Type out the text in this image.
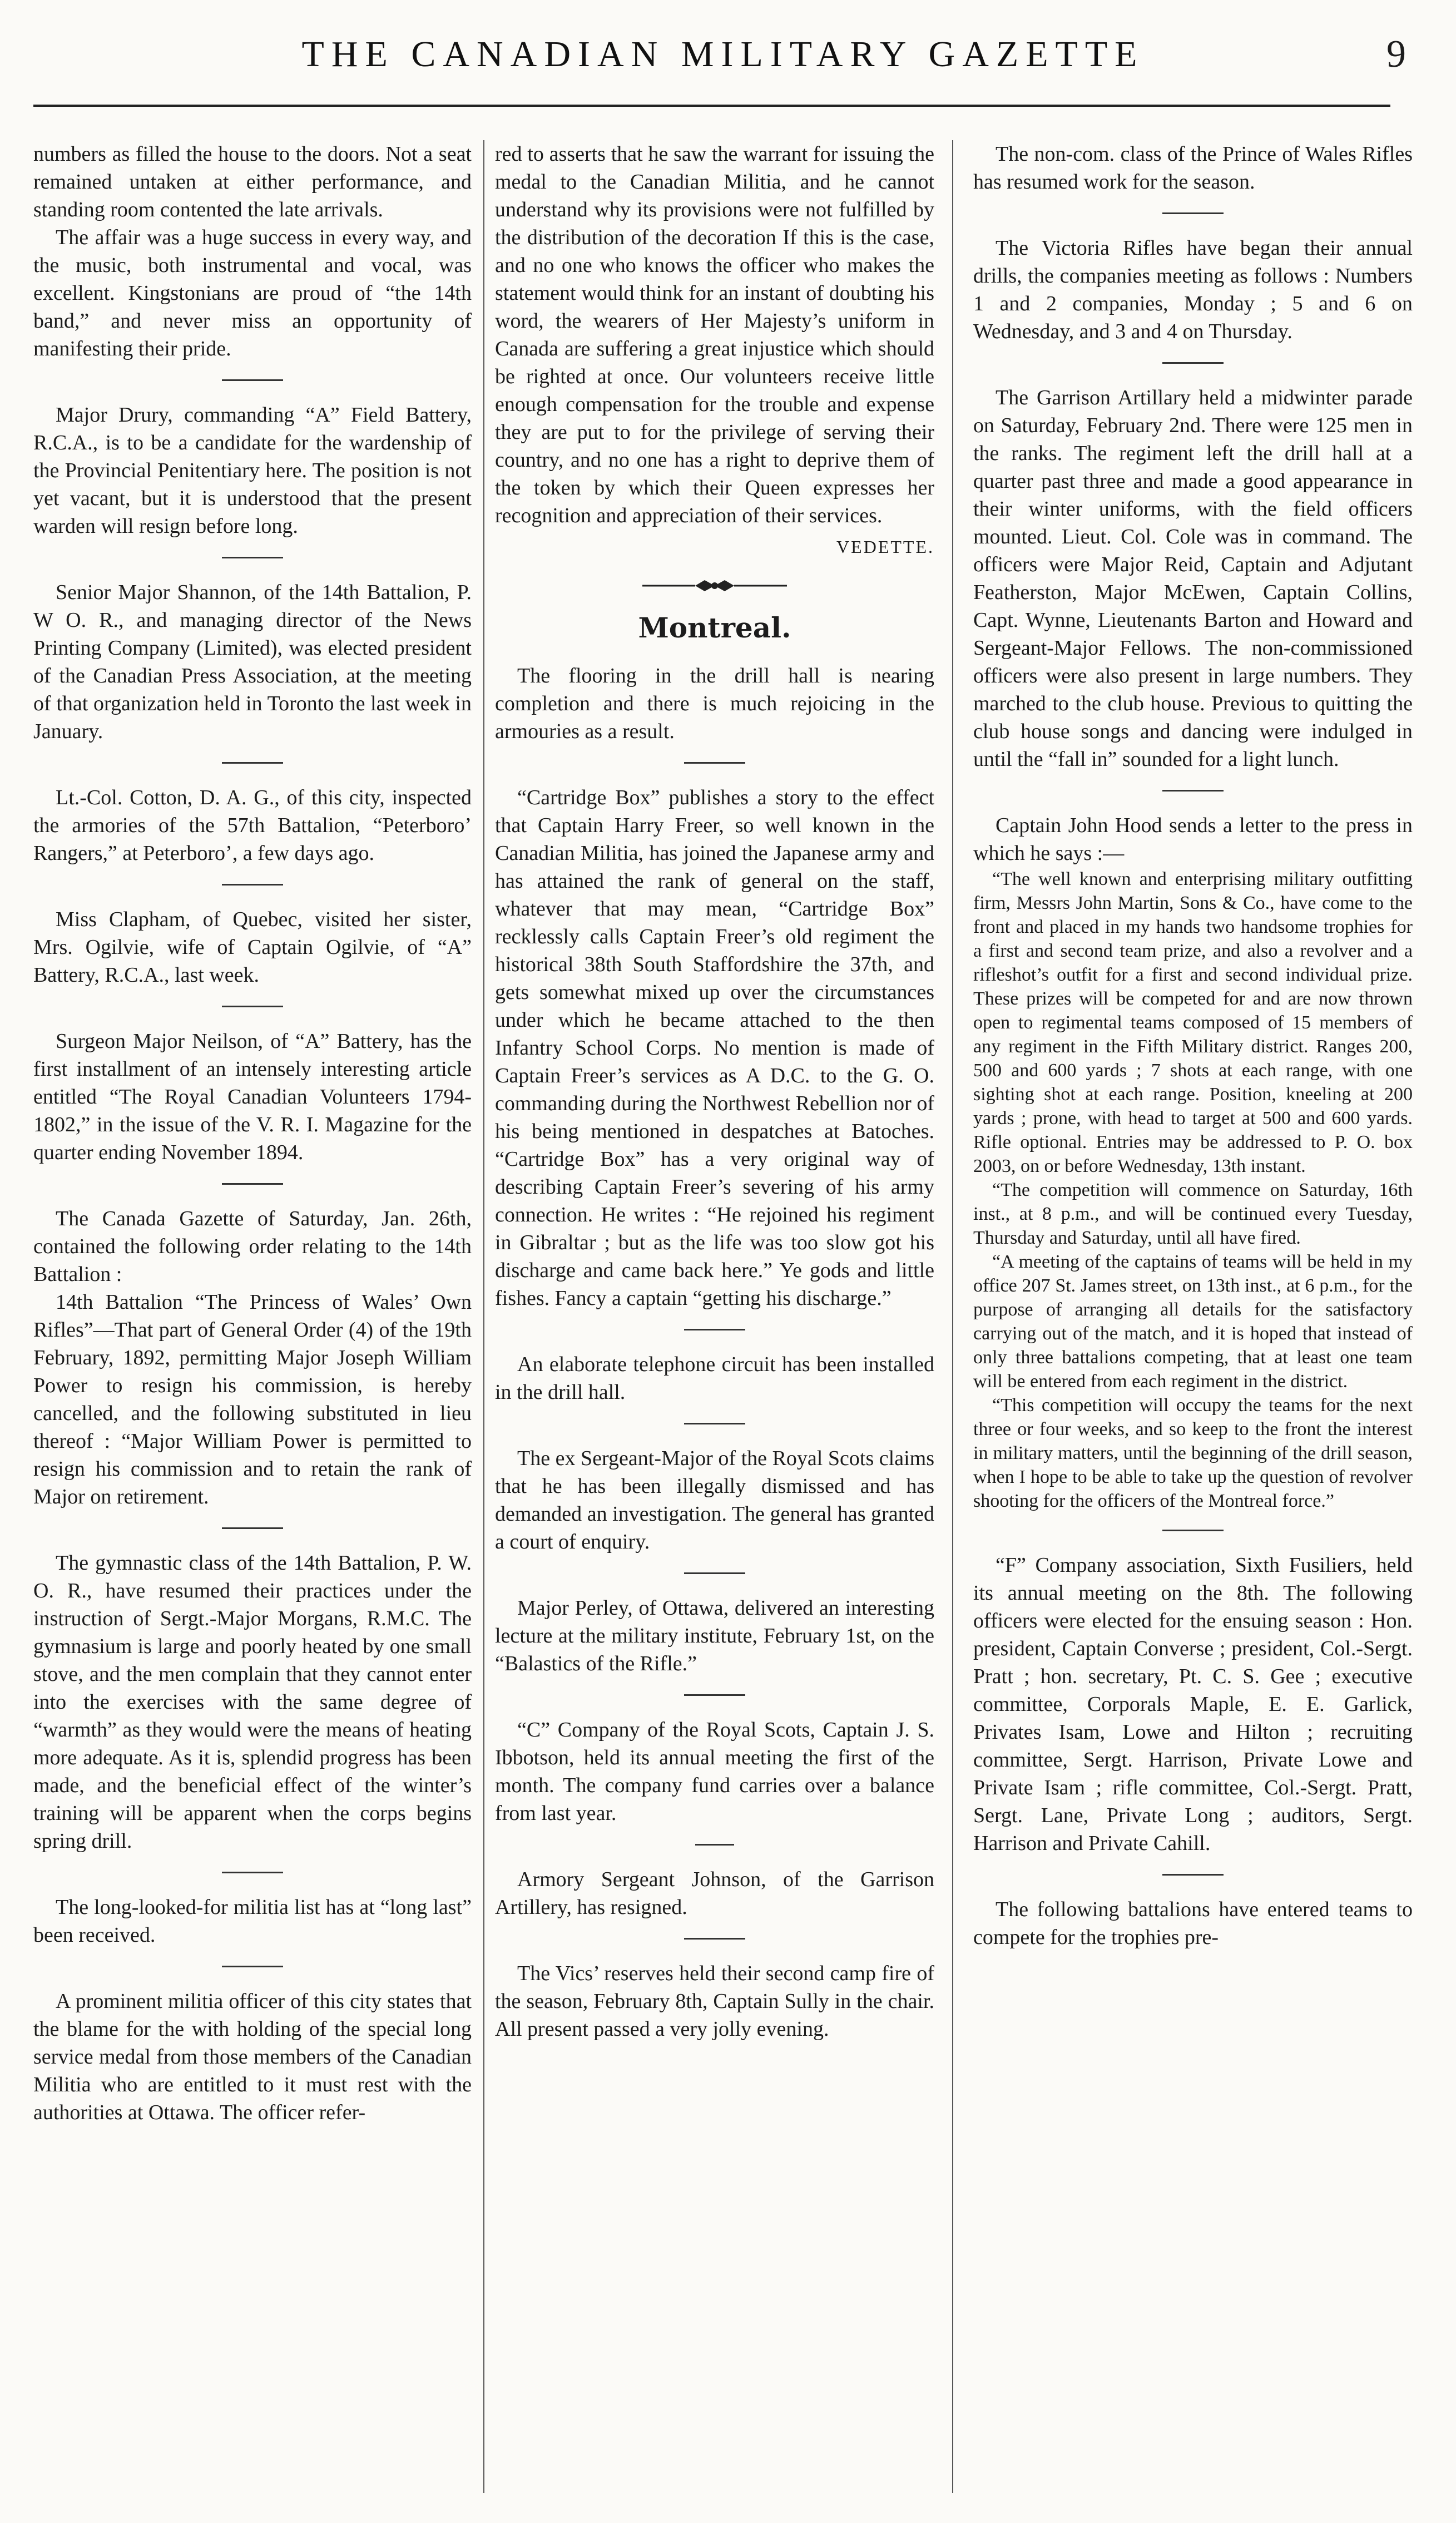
THE CANADIAN MILITARY GAZETTE	9

numbers as filled the house to the doors. Not a seat remained untaken at either performance, and standing room contented the late arrivals.

The affair was a huge success in every way, and the music, both instrumental and vocal, was excellent. Kingstonians are proud of “the 14th band,” and never miss an opportunity of manifesting their pride.

Major Drury, commanding “A” Field Battery, R.C.A., is to be a candidate for the wardenship of the Provincial Penitentiary here. The position is not yet vacant, but it is understood that the present warden will resign before long.

Senior Major Shannon, of the 14th Battalion, P. W O. R., and managing director of the News Printing Company (Limited), was elected president of the Canadian Press Association, at the meeting of that organization held in Toronto the last week in January.

Lt.-Col. Cotton, D. A. G., of this city, inspected the armories of the 57th Battalion, “Peterboro’ Rangers,” at Peterboro’, a few days ago.

Miss Clapham, of Quebec, visited her sister, Mrs. Ogilvie, wife of Captain Ogilvie, of “A” Battery, R.C.A., last week.

Surgeon Major Neilson, of “A” Battery, has the first installment of an intensely interesting article entitled “The Royal Canadian Volunteers 1794-1802,” in the issue of the V. R. I. Magazine for the quarter ending November 1894.

The Canada Gazette of Saturday, Jan. 26th, contained the following order relating to the 14th Battalion :

14th Battalion “The Princess of Wales’ Own Rifles”—That part of General Order (4) of the 19th February, 1892, permitting Major Joseph William Power to resign his commission, is hereby cancelled, and the following substituted in lieu thereof : “Major William Power is permitted to resign his commission and to retain the rank of Major on retirement.

The gymnastic class of the 14th Battalion, P. W. O. R., have resumed their practices under the instruction of Sergt.-Major Morgans, R.M.C. The gymnasium is large and poorly heated by one small stove, and the men complain that they cannot enter into the exercises with the same degree of “warmth” as they would were the means of heating more adequate. As it is, splendid progress has been made, and the beneficial effect of the winter’s training will be apparent when the corps begins spring drill.

The long-looked-for militia list has at “long last” been received.

A prominent militia officer of this city states that the blame for the with holding of the special long service medal from those members of the Canadian Militia who are entitled to it must rest with the authorities at Ottawa. The officer refer-

red to asserts that he saw the warrant for issuing the medal to the Canadian Militia, and he cannot understand why its provisions were not fulfilled by the distribution of the decoration If this is the case, and no one who knows the officer who makes the statement would think for an instant of doubting his word, the wearers of Her Majesty’s uniform in Canada are suffering a great injustice which should be righted at once. Our volunteers receive little enough compensation for the trouble and expense they are put to for the privilege of serving their country, and no one has a right to deprive them of the token by which their Queen expresses her recognition and appreciation of their services.

VEDETTE.

Montreal.

The flooring in the drill hall is nearing completion and there is much rejoicing in the armouries as a result.

“Cartridge Box” publishes a story to the effect that Captain Harry Freer, so well known in the Canadian Militia, has joined the Japanese army and has attained the rank of general on the staff, whatever that may mean, “Cartridge Box” recklessly calls Captain Freer’s old regiment the historical 38th South Staffordshire the 37th, and gets somewhat mixed up over the circumstances under which he became attached to the then Infantry School Corps. No mention is made of Captain Freer’s services as A D.C. to the G. O. commanding during the Northwest Rebellion nor of his being mentioned in despatches at Batoches. “Cartridge Box” has a very original way of describing Captain Freer’s severing of his army connection. He writes : “He rejoined his regiment in Gibraltar ; but as the life was too slow got his discharge and came back here.” Ye gods and little fishes. Fancy a captain “getting his discharge.”

An elaborate telephone circuit has been installed in the drill hall.

The ex Sergeant-Major of the Royal Scots claims that he has been illegally dismissed and has demanded an investigation. The general has granted a court of enquiry.

Major Perley, of Ottawa, delivered an interesting lecture at the military institute, February 1st, on the “Balastics of the Rifle.”

“C” Company of the Royal Scots, Captain J. S. Ibbotson, held its annual meeting the first of the month. The company fund carries over a balance from last year.

Armory Sergeant Johnson, of the Garrison Artillery, has resigned.

The Vics’ reserves held their second camp fire of the season, February 8th, Captain Sully in the chair. All present passed a very jolly evening.

The non-com. class of the Prince of Wales Rifles has resumed work for the season.

The Victoria Rifles have began their annual drills, the companies meeting as follows : Numbers 1 and 2 companies, Monday ; 5 and 6 on Wednesday, and 3 and 4 on Thursday.

The Garrison Artillary held a midwinter parade on Saturday, February 2nd. There were 125 men in the ranks. The regiment left the drill hall at a quarter past three and made a good appearance in their winter uniforms, with the field officers mounted. Lieut. Col. Cole was in command. The officers were Major Reid, Captain and Adjutant Featherston, Major McEwen, Captain Collins, Capt. Wynne, Lieutenants Barton and Howard and Sergeant-Major Fellows. The non-commissioned officers were also present in large numbers. They marched to the club house. Previous to quitting the club house songs and dancing were indulged in until the “fall in” sounded for a light lunch.

Captain John Hood sends a letter to the press in which he says :—

“The well known and enterprising military outfitting firm, Messrs John Martin, Sons & Co., have come to the front and placed in my hands two handsome trophies for a first and second team prize, and also a revolver and a rifleshot’s outfit for a first and second individual prize. These prizes will be competed for and are now thrown open to regimental teams composed of 15 members of any regiment in the Fifth Military district. Ranges 200, 500 and 600 yards ; 7 shots at each range, with one sighting shot at each range. Position, kneeling at 200 yards ; prone, with head to target at 500 and 600 yards. Rifle optional. Entries may be addressed to P. O. box 2003, on or before Wednesday, 13th instant.

“The competition will commence on Saturday, 16th inst., at 8 p.m., and will be continued every Tuesday, Thursday and Saturday, until all have fired.

“A meeting of the captains of teams will be held in my office 207 St. James street, on 13th inst., at 6 p.m., for the purpose of arranging all details for the satisfactory carrying out of the match, and it is hoped that instead of only three battalions competing, that at least one team will be entered from each regiment in the district.

“This competition will occupy the teams for the next three or four weeks, and so keep to the front the interest in military matters, until the beginning of the drill season, when I hope to be able to take up the question of revolver shooting for the officers of the Montreal force.”

“F” Company association, Sixth Fusiliers, held its annual meeting on the 8th. The following officers were elected for the ensuing season : Hon. president, Captain Converse ; president, Col.-Sergt. Pratt ; hon. secretary, Pt. C. S. Gee ; executive committee, Corporals Maple, E. E. Garlick, Privates Isam, Lowe and Hilton ; recruiting committee, Sergt. Harrison, Private Lowe and Private Isam ; rifle committee, Col.-Sergt. Pratt, Sergt. Lane, Private Long ; auditors, Sergt. Harrison and Private Cahill.

The following battalions have entered teams to compete for the trophies pre-
